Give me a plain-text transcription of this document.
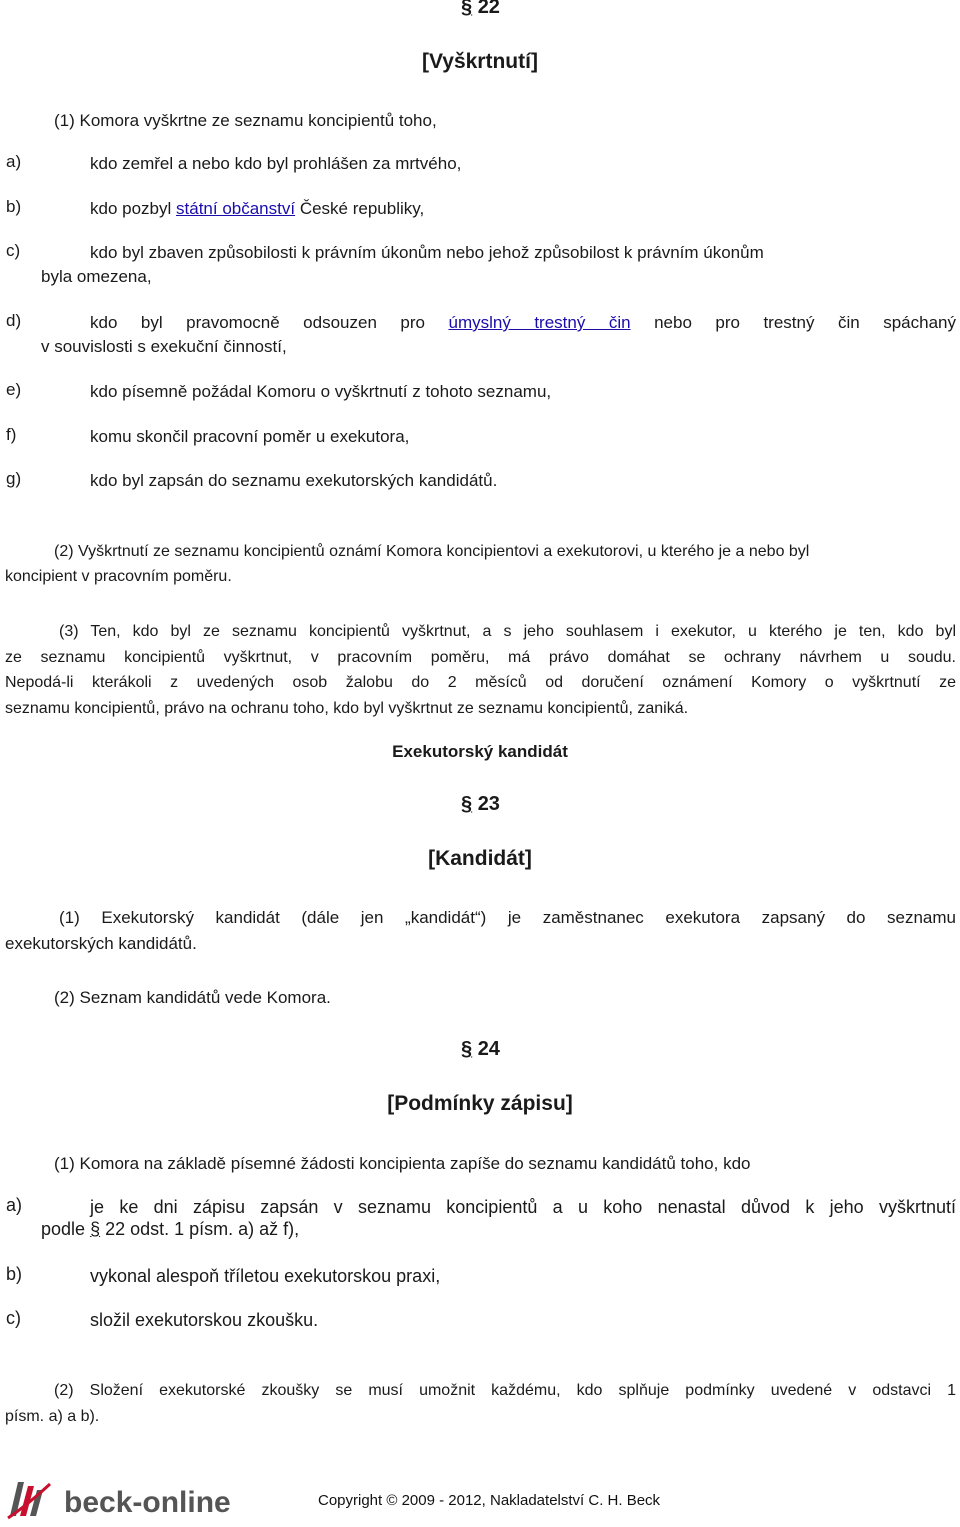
§ 22
[Vyškrtnutí]
(1) Komora vyškrtne ze seznamu koncipientů toho,
a)	kdo zemřel a nebo kdo byl prohlášen za mrtvého,
b)	kdo pozbyl státní občanství České republiky,
c)	kdo byl zbaven způsobilosti k právním úkonům nebo jehož způsobilost k právním úkonům
byla omezena,
d)	kdo byl pravomocně odsouzen pro úmyslný trestný čin nebo pro trestný čin spáchaný
v souvislosti s exekuční činností,
e)	kdo písemně požádal Komoru o vyškrtnutí z tohoto seznamu,
f)	komu skončil pracovní poměr u exekutora,
g)	kdo byl zapsán do seznamu exekutorských kandidátů.
(2) Vyškrtnutí ze seznamu koncipientů oznámí Komora koncipientovi a exekutorovi, u kterého je a nebo byl
koncipient v pracovním poměru.
(3) Ten, kdo byl ze seznamu koncipientů vyškrtnut, a s jeho souhlasem i exekutor, u kterého je ten, kdo byl
ze seznamu koncipientů vyškrtnut, v pracovním poměru, má právo domáhat se ochrany návrhem u soudu.
Nepodá-li kterákoli z uvedených osob žalobu do 2 měsíců od doručení oznámení Komory o vyškrtnutí ze
seznamu koncipientů, právo na ochranu toho, kdo byl vyškrtnut ze seznamu koncipientů, zaniká.
Exekutorský kandidát
§ 23
[Kandidát]
(1) Exekutorský kandidát (dále jen „kandidát“) je zaměstnanec exekutora zapsaný do seznamu
exekutorských kandidátů.
(2) Seznam kandidátů vede Komora.
§ 24
[Podmínky zápisu]
(1) Komora na základě písemné žádosti koncipienta zapíše do seznamu kandidátů toho, kdo
a)	je ke dni zápisu zapsán v seznamu koncipientů a u koho nenastal důvod k jeho vyškrtnutí
podle § 22 odst. 1 písm. a) až f),
b)	vykonal alespoň tříletou exekutorskou praxi,
c)	složil exekutorskou zkoušku.
(2) Složení exekutorské zkoušky se musí umožnit každému, kdo splňuje podmínky uvedené v odstavci 1
písm. a) a b).
beck-online	Copyright © 2009 - 2012, Nakladatelství C. H. Beck
